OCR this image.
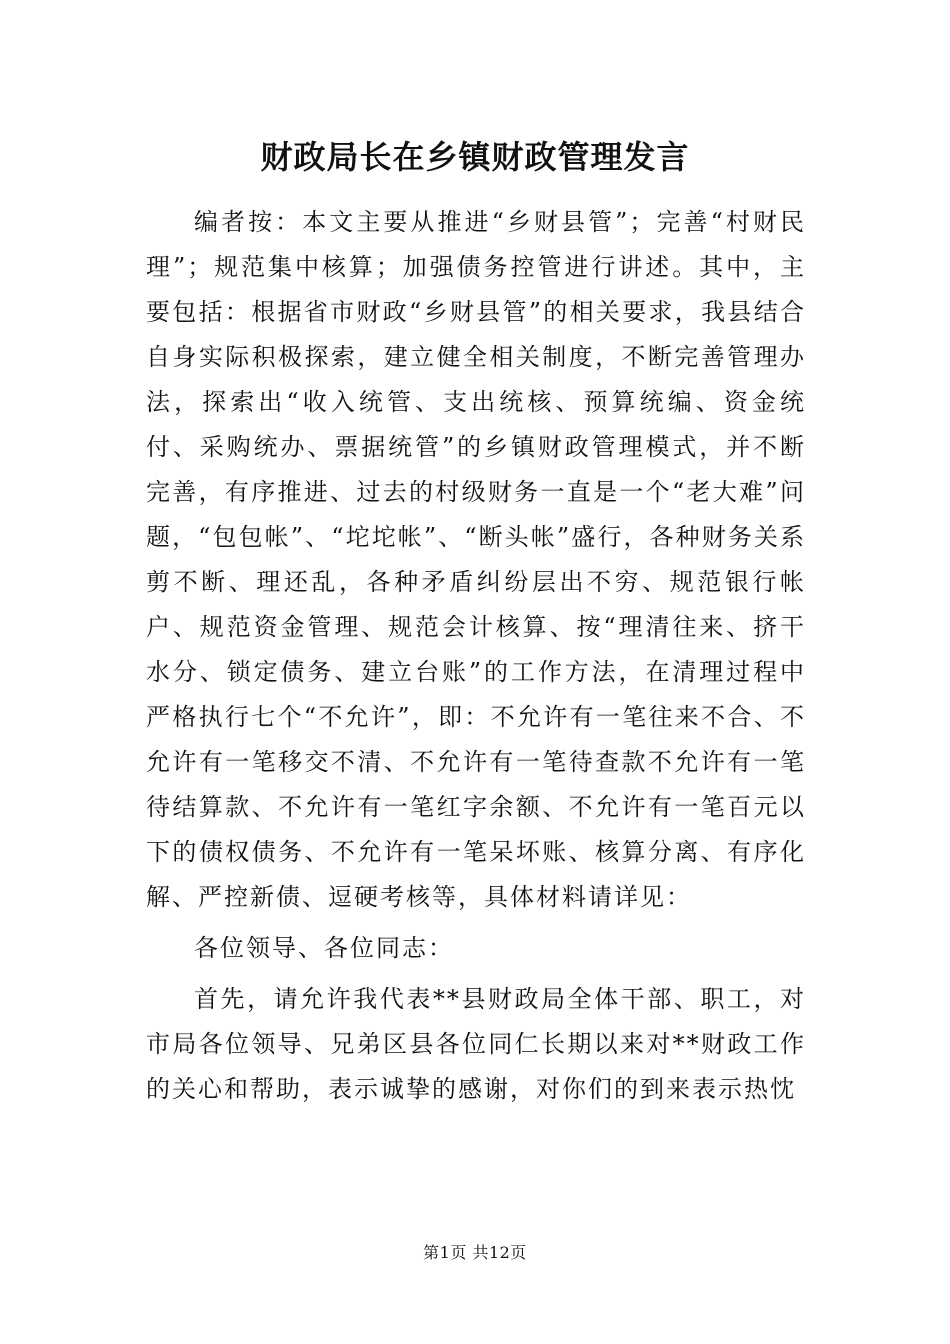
财政局长在乡镇财政管理发言

编者按：本文主要从推进“乡财县管”；完善“村财民理”；规范集中核算；加强债务控管进行讲述。其中，主要包括：根据省市财政“乡财县管”的相关要求，我县结合自身实际积极探索，建立健全相关制度，不断完善管理办法，探索出“收入统管、支出统核、预算统编、资金统付、采购统办、票据统管”的乡镇财政管理模式，并不断完善，有序推进、过去的村级财务一直是一个“老大难”问题，“包包帐”、“坨坨帐”、“断头帐”盛行，各种财务关系剪不断、理还乱，各种矛盾纠纷层出不穷、规范银行帐户、规范资金管理、规范会计核算、按“理清往来、挤干水分、锁定债务、建立台账”的工作方法，在清理过程中严格执行七个“不允许”，即：不允许有一笔往来不合、不允许有一笔移交不清、不允许有一笔待查款不允许有一笔待结算款、不允许有一笔红字余额、不允许有一笔百元以下的债权债务、不允许有一笔呆坏账、核算分离、有序化解、严控新债、逗硬考核等，具体材料请详见：

各位领导、各位同志：

首先，请允许我代表**县财政局全体干部、职工，对市局各位领导、兄弟区县各位同仁长期以来对**财政工作的关心和帮助，表示诚挚的感谢，对你们的到来表示热忱

第1页 共12页
